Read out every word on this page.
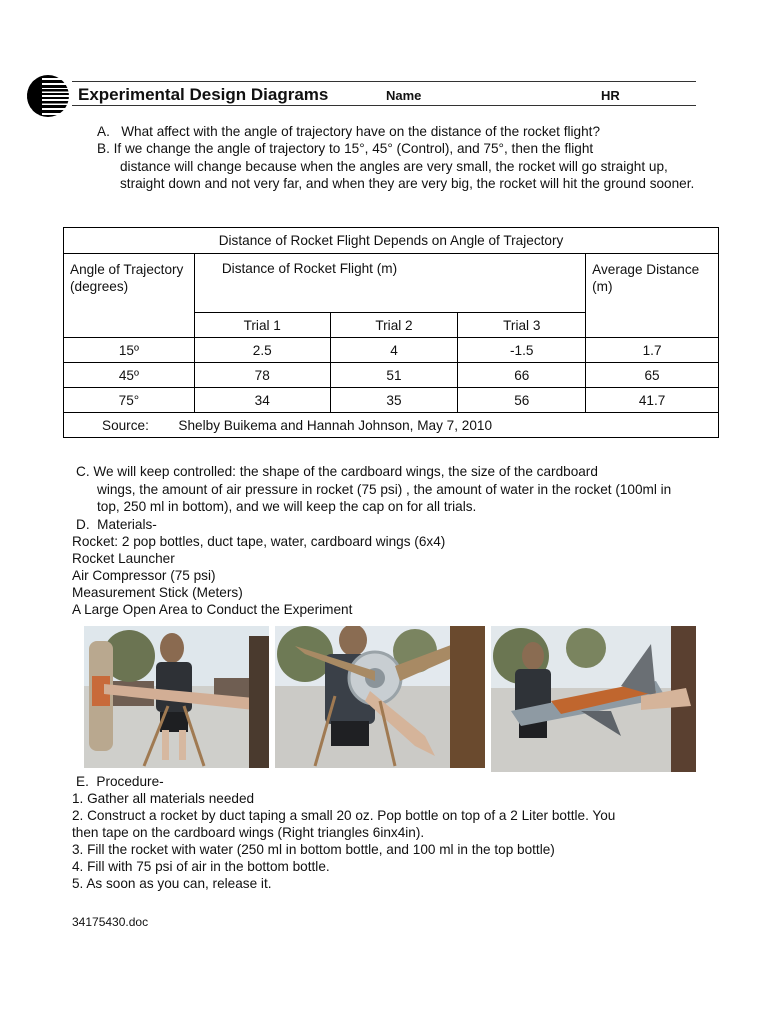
Experimental Design Diagrams	Name	HR
A. What affect with the angle of trajectory have on the distance of the rocket flight?
B. If we change the angle of trajectory to 15°, 45° (Control), and 75°, then the flight
distance will change because when the angles are very small, the rocket will go straight up, straight down and not very far, and when they are very big, the rocket will hit the ground sooner.
Distance of Rocket Flight Depends on Angle of Trajectory				
Angle of Trajectory (degrees)	Distance of Rocket Flight (m)			Average Distance (m)
	Trial 1	Trial 2	Trial 3	
15º	2.5	4	-1.5	1.7
45º	78	51	66	65
75°	34	35	56	41.7
Source: Shelby Buikema and Hannah Johnson, May 7, 2010				
C. We will keep controlled: the shape of the cardboard wings, the size of the cardboard
wings, the amount of air pressure in rocket (75 psi) , the amount of water in the rocket (100ml in top, 250 ml in bottom), and we will keep the cap on for all trials.
D. Materials-
Rocket: 2 pop bottles, duct tape, water, cardboard wings (6x4)
Rocket Launcher
Air Compressor (75 psi)
Measurement Stick (Meters)
A Large Open Area to Conduct the Experiment
E. Procedure-
1. Gather all materials needed
2. Construct a rocket by duct taping a small 20 oz. Pop bottle on top of a 2 Liter bottle. You
then tape on the cardboard wings (Right triangles 6inx4in).
3. Fill the rocket with water (250 ml in bottom bottle, and 100 ml in the top bottle)
4. Fill with 75 psi of air in the bottom bottle.
5. As soon as you can, release it.
34175430.doc
